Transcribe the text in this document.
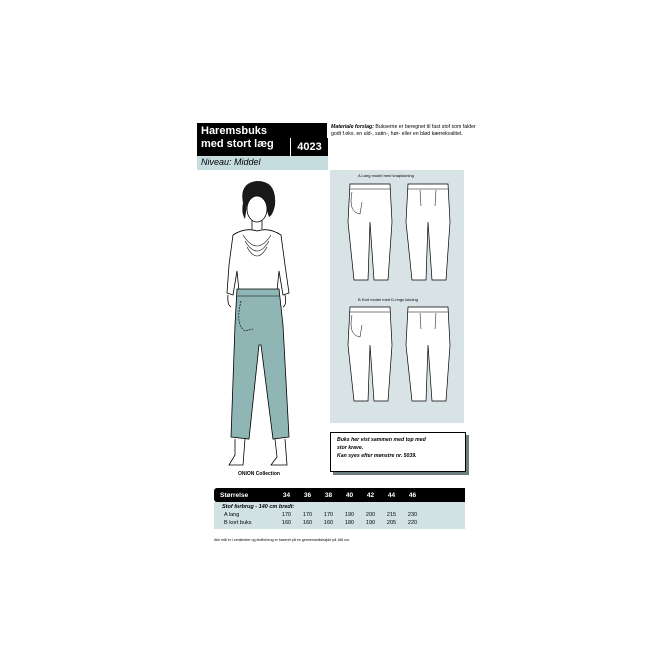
Haremsbuks
med stort læg	4023
Niveau: Middel
Materiale forslag: Bukserne er beregnet til fast stof som falder godt f.eks. en uld-, satin-, hør- eller en blød kærrekvalitet.
A Lang model med knaplukning
B Kort model med D-rings lukning
ONION Collection
Buks her vist sammen med top med
stor krave.
Kan syes efter mønstre nr. 5039.
Størrelse	34	36	38	40	42	44	46
Stof forbrug - 140 cm bredt:
A lang	170	170	170	190	200	215	230
B kort buks	160	160	160	180	190	205	220
Alle mål er i centimeter og stofforbrug er baseret på en gennemsnitshøjde på 168 cm.
